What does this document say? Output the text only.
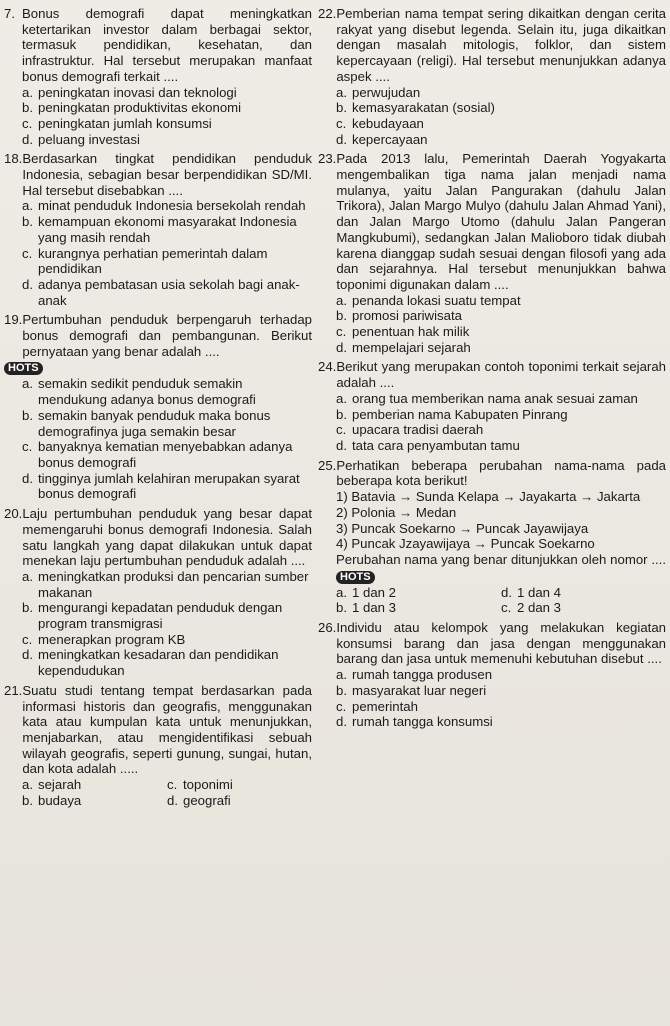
7. Bonus demografi dapat meningkatkan ketertarikan investor dalam berbagai sektor, termasuk pendidikan, kesehatan, dan infrastruktur. Hal tersebut merupakan manfaat bonus demografi terkait ....
a. peningkatan inovasi dan teknologi
b. peningkatan produktivitas ekonomi
c. peningkatan jumlah konsumsi
d. peluang investasi
18. Berdasarkan tingkat pendidikan penduduk Indonesia, sebagian besar berpendidikan SD/MI. Hal tersebut disebabkan ....
a. minat penduduk Indonesia bersekolah rendah
b. kemampuan ekonomi masyarakat Indonesia yang masih rendah
c. kurangnya perhatian pemerintah dalam pendidikan
d. adanya pembatasan usia sekolah bagi anak-anak
19. Pertumbuhan penduduk berpengaruh terhadap bonus demografi dan pembangunan. Berikut pernyataan yang benar adalah ....
HOTS
a. semakin sedikit penduduk semakin mendukung adanya bonus demografi
b. semakin banyak penduduk maka bonus demografinya juga semakin besar
c. banyaknya kematian menyebabkan adanya bonus demografi
d. tingginya jumlah kelahiran merupakan syarat bonus demografi
20. Laju pertumbuhan penduduk yang besar dapat memengaruhi bonus demografi Indonesia. Salah satu langkah yang dapat dilakukan untuk dapat menekan laju pertumbuhan penduduk adalah ....
a. meningkatkan produksi dan pencarian sumber makanan
b. mengurangi kepadatan penduduk dengan program transmigrasi
c. menerapkan program KB
d. meningkatkan kesadaran dan pendidikan kependudukan
21. Suatu studi tentang tempat berdasarkan pada informasi historis dan geografis, menggunakan kata atau kumpulan kata untuk menunjukkan, menjabarkan, atau mengidentifikasi sebuah wilayah geografis, seperti gunung, sungai, hutan, dan kota adalah .....
a. sejarah	c. toponimi
b. budaya	d. geografi
22. Pemberian nama tempat sering dikaitkan dengan cerita rakyat yang disebut legenda. Selain itu, juga dikaitkan dengan masalah mitologis, folklor, dan sistem kepercayaan (religi). Hal tersebut menunjukkan adanya aspek ....
a. perwujudan
b. kemasyarakatan (sosial)
c. kebudayaan
d. kepercayaan
23. Pada 2013 lalu, Pemerintah Daerah Yogyakarta mengembalikan tiga nama jalan menjadi nama mulanya, yaitu Jalan Pangurakan (dahulu Jalan Trikora), Jalan Margo Mulyo (dahulu Jalan Ahmad Yani), dan Jalan Margo Utomo (dahulu Jalan Pangeran Mangkubumi), sedangkan Jalan Malioboro tidak diubah karena dianggap sudah sesuai dengan filosofi yang ada dan sejarahnya. Hal tersebut menunjukkan bahwa toponimi digunakan dalam ....
a. penanda lokasi suatu tempat
b. promosi pariwisata
c. penentuan hak milik
d. mempelajari sejarah
24. Berikut yang merupakan contoh toponimi terkait sejarah adalah ....
a. orang tua memberikan nama anak sesuai zaman
b. pemberian nama Kabupaten Pinrang
c. upacara tradisi daerah
d. tata cara penyambutan tamu
25. Perhatikan beberapa perubahan nama-nama pada beberapa kota berikut!
1) Batavia → Sunda Kelapa → Jayakarta → Jakarta
2) Polonia → Medan
3) Puncak Soekarno → Puncak Jayawijaya
4) Puncak Jzayawijaya → Puncak Soekarno
Perubahan nama yang benar ditunjukkan oleh nomor .... HOTS
a. 1 dan 2	d. 1 dan 4
b. 1 dan 3	c. 2 dan 3
26. Individu atau kelompok yang melakukan kegiatan konsumsi barang dan jasa dengan menggunakan barang dan jasa untuk memenuhi kebutuhan disebut ....
a. rumah tangga produsen
b. masyarakat luar negeri
c. pemerintah
d. rumah tangga konsumsi
